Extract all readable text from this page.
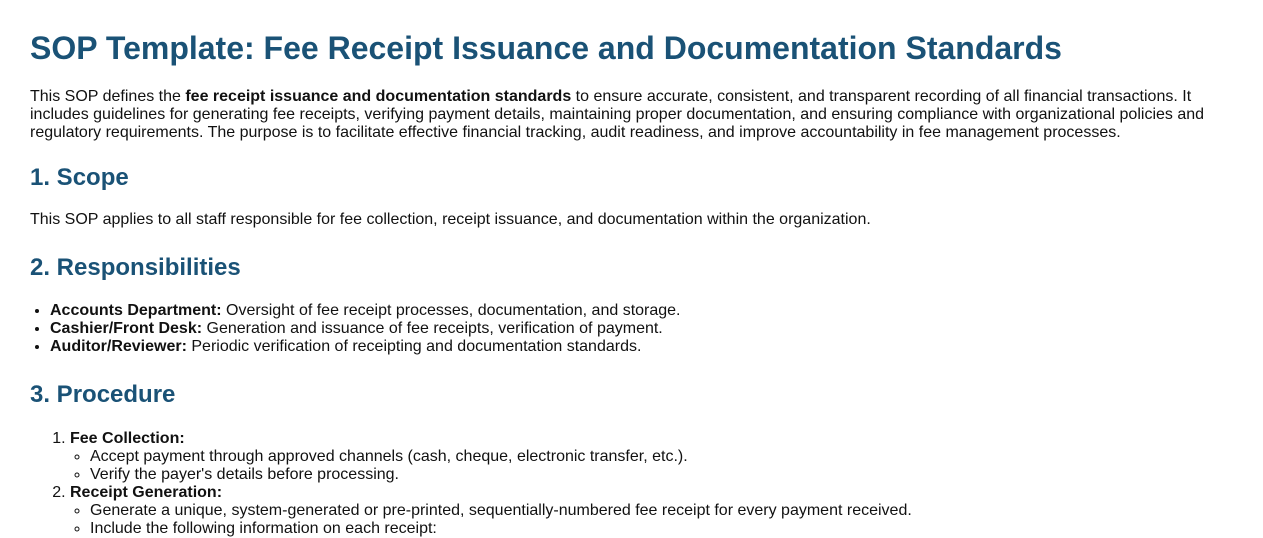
SOP Template: Fee Receipt Issuance and Documentation Standards

This SOP defines the fee receipt issuance and documentation standards to ensure accurate, consistent, and transparent recording of all financial transactions. It includes guidelines for generating fee receipts, verifying payment details, maintaining proper documentation, and ensuring compliance with organizational policies and regulatory requirements. The purpose is to facilitate effective financial tracking, audit readiness, and improve accountability in fee management processes.

1. Scope

This SOP applies to all staff responsible for fee collection, receipt issuance, and documentation within the organization.

2. Responsibilities
• Accounts Department: Oversight of fee receipt processes, documentation, and storage.
• Cashier/Front Desk: Generation and issuance of fee receipts, verification of payment.
• Auditor/Reviewer: Periodic verification of receipting and documentation standards.
3. Procedure
1. Fee Collection:
◦ Accept payment through approved channels (cash, cheque, electronic transfer, etc.).
◦ Verify the payer's details before processing.
2. Receipt Generation:
◦ Generate a unique, system-generated or pre-printed, sequentially-numbered fee receipt for every payment received.
◦ Include the following information on each receipt:
